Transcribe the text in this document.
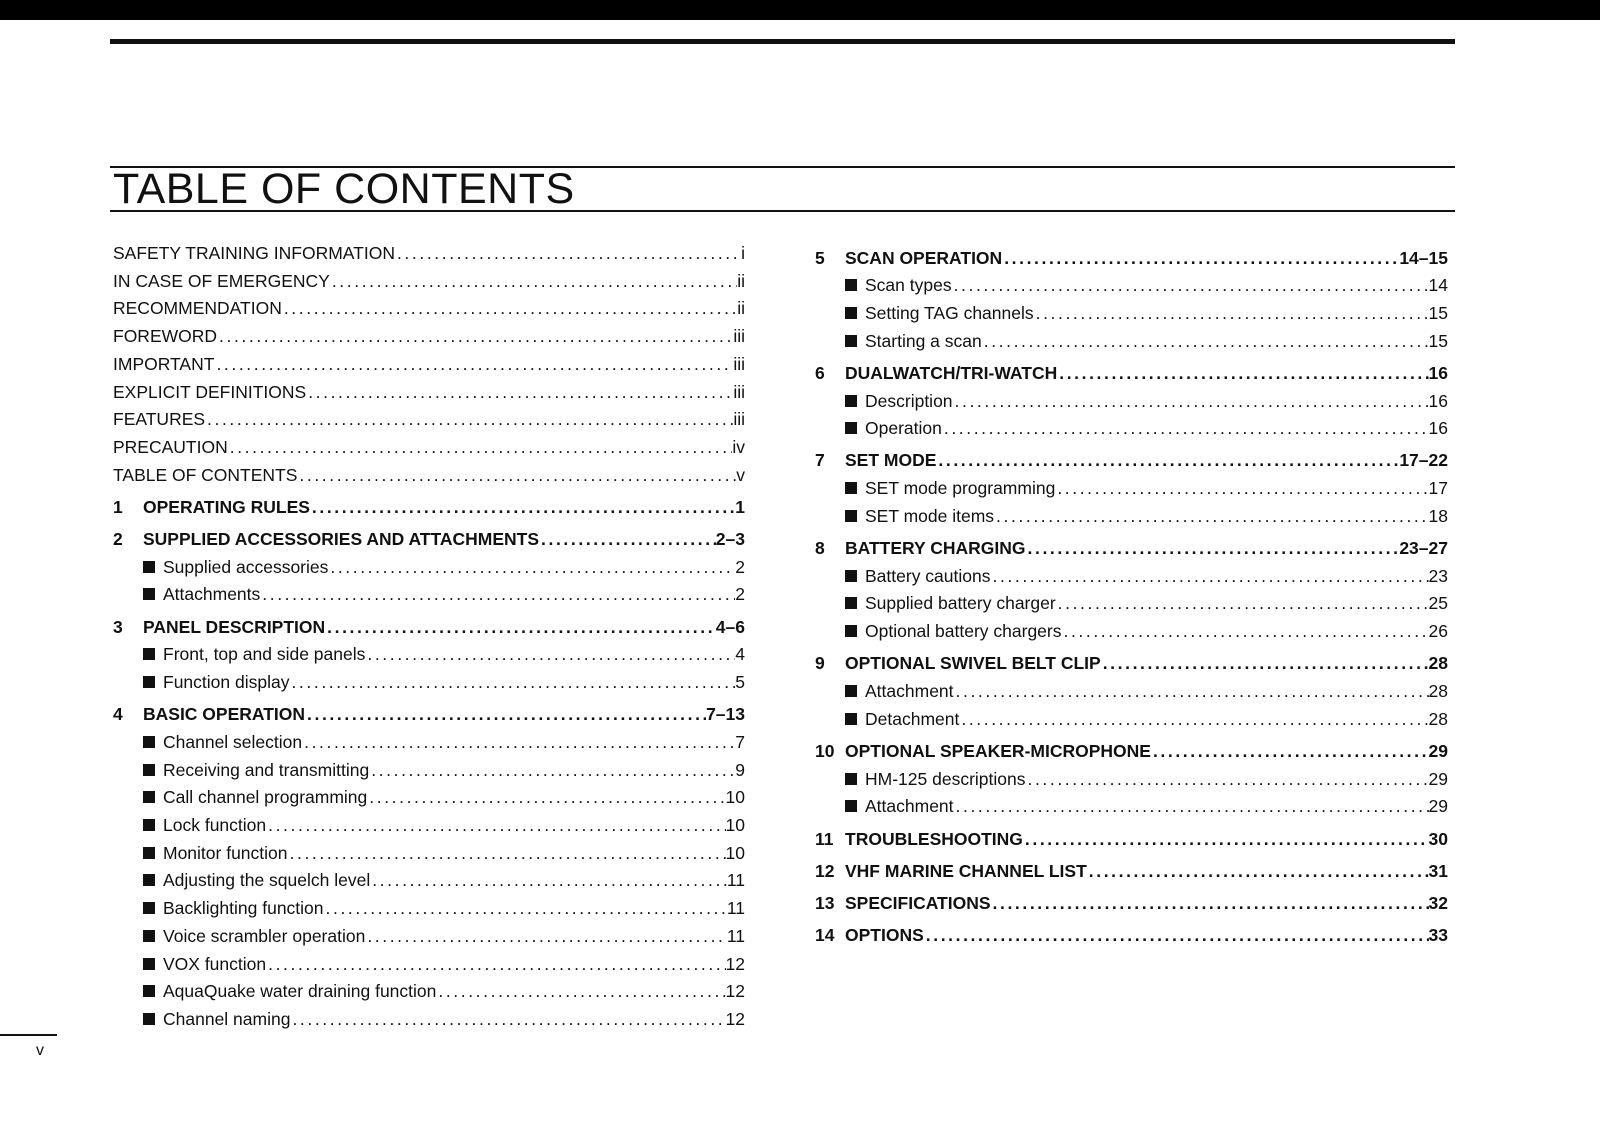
TABLE OF CONTENTS
SAFETY TRAINING INFORMATION .....	i
IN CASE OF EMERGENCY .....	ii
RECOMMENDATION .....	ii
FOREWORD .....	iii
IMPORTANT .....	iii
EXPLICIT DEFINITIONS .....	iii
FEATURES .....	iii
PRECAUTION .....	iv
TABLE OF CONTENTS .....	v
1	OPERATING RULES .....	1
2	SUPPLIED ACCESSORIES AND ATTACHMENTS .....	2–3
Supplied accessories .....	2
Attachments .....	2
3	PANEL DESCRIPTION .....	4–6
Front, top and side panels .....	4
Function display .....	5
4	BASIC OPERATION .....	7–13
Channel selection .....	7
Receiving and transmitting .....	9
Call channel programming .....	10
Lock function .....	10
Monitor function .....	10
Adjusting the squelch level .....	11
Backlighting function .....	11
Voice scrambler operation .....	11
VOX function .....	12
AquaQuake water draining function .....	12
Channel naming .....	12
5	SCAN OPERATION .....	14–15
Scan types .....	14
Setting TAG channels .....	15
Starting a scan .....	15
6	DUALWATCH/TRI-WATCH .....	16
Description .....	16
Operation .....	16
7	SET MODE .....	17–22
SET mode programming .....	17
SET mode items .....	18
8	BATTERY CHARGING .....	23–27
Battery cautions .....	23
Supplied battery charger .....	25
Optional battery chargers .....	26
9	OPTIONAL SWIVEL BELT CLIP .....	28
Attachment .....	28
Detachment .....	28
10 OPTIONAL SPEAKER-MICROPHONE .....	29
HM-125 descriptions .....	29
Attachment .....	29
11 TROUBLESHOOTING .....	30
12 VHF MARINE CHANNEL LIST .....	31
13 SPECIFICATIONS .....	32
14 OPTIONS .....	33
v
